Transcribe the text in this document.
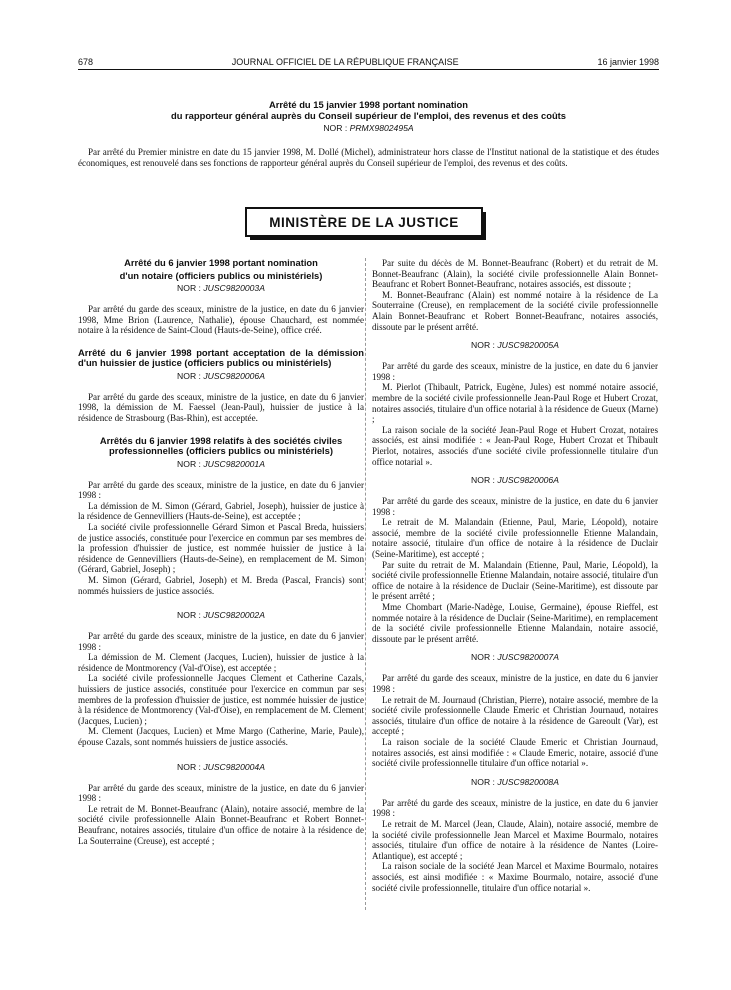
678	JOURNAL OFFICIEL DE LA RÉPUBLIQUE FRANÇAISE	16 janvier 1998

Arrêté du 15 janvier 1998 portant nomination

du rapporteur général auprès du Conseil supérieur de l'emploi, des revenus et des coûts

NOR : PRMX9802495A

Par arrêté du Premier ministre en date du 15 janvier 1998, M. Dollé (Michel), administrateur hors classe de l'Institut national de la statistique et des études économiques, est renouvelé dans ses fonctions de rapporteur général auprès du Conseil supérieur de l'emploi, des revenus et des coûts.

MINISTÈRE DE LA JUSTICE

Arrêté du 6 janvier 1998 portant nomination

d'un notaire (officiers publics ou ministériels)

NOR : JUSC9820003A

Par arrêté du garde des sceaux, ministre de la justice, en date du 6 janvier 1998, Mme Brion (Laurence, Nathalie), épouse Chauchard, est nommée notaire à la résidence de Saint-Cloud (Hauts-de-Seine), office créé.

Arrêté du 6 janvier 1998 portant acceptation de la démission d'un huissier de justice (officiers publics ou ministériels)

NOR : JUSC9820006A

Par arrêté du garde des sceaux, ministre de la justice, en date du 6 janvier 1998, la démission de M. Faessel (Jean-Paul), huissier de justice à la résidence de Strasbourg (Bas-Rhin), est acceptée.

Arrêtés du 6 janvier 1998 relatifs à des sociétés civiles professionnelles (officiers publics ou ministériels)

NOR : JUSC9820001A

Par arrêté du garde des sceaux, ministre de la justice, en date du 6 janvier 1998 :

La démission de M. Simon (Gérard, Gabriel, Joseph), huissier de justice à la résidence de Gennevilliers (Hauts-de-Seine), est acceptée ;

La société civile professionnelle Gérard Simon et Pascal Breda, huissiers de justice associés, constituée pour l'exercice en commun par ses membres de la profession d'huissier de justice, est nommée huissier de justice à la résidence de Gennevilliers (Hauts-de-Seine), en remplacement de M. Simon (Gérard, Gabriel, Joseph) ;

M. Simon (Gérard, Gabriel, Joseph) et M. Breda (Pascal, Francis) sont nommés huissiers de justice associés.

NOR : JUSC9820002A

Par arrêté du garde des sceaux, ministre de la justice, en date du 6 janvier 1998 :

La démission de M. Clement (Jacques, Lucien), huissier de justice à la résidence de Montmorency (Val-d'Oise), est acceptée ;

La société civile professionnelle Jacques Clement et Catherine Cazals, huissiers de justice associés, constituée pour l'exercice en commun par ses membres de la profession d'huissier de justice, est nommée huissier de justice à la résidence de Montmorency (Val-d'Oise), en remplacement de M. Clement (Jacques, Lucien) ;

M. Clement (Jacques, Lucien) et Mme Margo (Catherine, Marie, Paule), épouse Cazals, sont nommés huissiers de justice associés.

NOR : JUSC9820004A

Par arrêté du garde des sceaux, ministre de la justice, en date du 6 janvier 1998 :

Le retrait de M. Bonnet-Beaufranc (Alain), notaire associé, membre de la société civile professionnelle Alain Bonnet-Beaufranc et Robert Bonnet-Beaufranc, notaires associés, titulaire d'un office de notaire à la résidence de La Souterraine (Creuse), est accepté ;

Par suite du décès de M. Bonnet-Beaufranc (Robert) et du retrait de M. Bonnet-Beaufranc (Alain), la société civile professionnelle Alain Bonnet-Beaufranc et Robert Bonnet-Beaufranc, notaires associés, est dissoute ;

M. Bonnet-Beaufranc (Alain) est nommé notaire à la résidence de La Souterraine (Creuse), en remplacement de la société civile professionnelle Alain Bonnet-Beaufranc et Robert Bonnet-Beaufranc, notaires associés, dissoute par le présent arrêté.

NOR : JUSC9820005A

Par arrêté du garde des sceaux, ministre de la justice, en date du 6 janvier 1998 :

M. Pierlot (Thibault, Patrick, Eugène, Jules) est nommé notaire associé, membre de la société civile professionnelle Jean-Paul Roge et Hubert Crozat, notaires associés, titulaire d'un office notarial à la résidence de Gueux (Marne) ;

La raison sociale de la société Jean-Paul Roge et Hubert Crozat, notaires associés, est ainsi modifiée : « Jean-Paul Roge, Hubert Crozat et Thibault Pierlot, notaires, associés d'une société civile professionnelle titulaire d'un office notarial ».

NOR : JUSC9820006A

Par arrêté du garde des sceaux, ministre de la justice, en date du 6 janvier 1998 :

Le retrait de M. Malandain (Etienne, Paul, Marie, Léopold), notaire associé, membre de la société civile professionnelle Etienne Malandain, notaire associé, titulaire d'un office de notaire à la résidence de Duclair (Seine-Maritime), est accepté ;

Par suite du retrait de M. Malandain (Etienne, Paul, Marie, Léopold), la société civile professionnelle Etienne Malandain, notaire associé, titulaire d'un office de notaire à la résidence de Duclair (Seine-Maritime), est dissoute par le présent arrêté ;

Mme Chombart (Marie-Nadège, Louise, Germaine), épouse Rieffel, est nommée notaire à la résidence de Duclair (Seine-Maritime), en remplacement de la société civile professionnelle Etienne Malandain, notaire associé, dissoute par le présent arrêté.

NOR : JUSC9820007A

Par arrêté du garde des sceaux, ministre de la justice, en date du 6 janvier 1998 :

Le retrait de M. Journaud (Christian, Pierre), notaire associé, membre de la société civile professionnelle Claude Emeric et Christian Journaud, notaires associés, titulaire d'un office de notaire à la résidence de Gareoult (Var), est accepté ;

La raison sociale de la société Claude Emeric et Christian Journaud, notaires associés, est ainsi modifiée : « Claude Emeric, notaire, associé d'une société civile professionnelle titulaire d'un office notarial ».

NOR : JUSC9820008A

Par arrêté du garde des sceaux, ministre de la justice, en date du 6 janvier 1998 :

Le retrait de M. Marcel (Jean, Claude, Alain), notaire associé, membre de la société civile professionnelle Jean Marcel et Maxime Bourmalo, notaires associés, titulaire d'un office de notaire à la résidence de Nantes (Loire-Atlantique), est accepté ;

La raison sociale de la société Jean Marcel et Maxime Bourmalo, notaires associés, est ainsi modifiée : « Maxime Bourmalo, notaire, associé d'une société civile professionnelle, titulaire d'un office notarial ».
